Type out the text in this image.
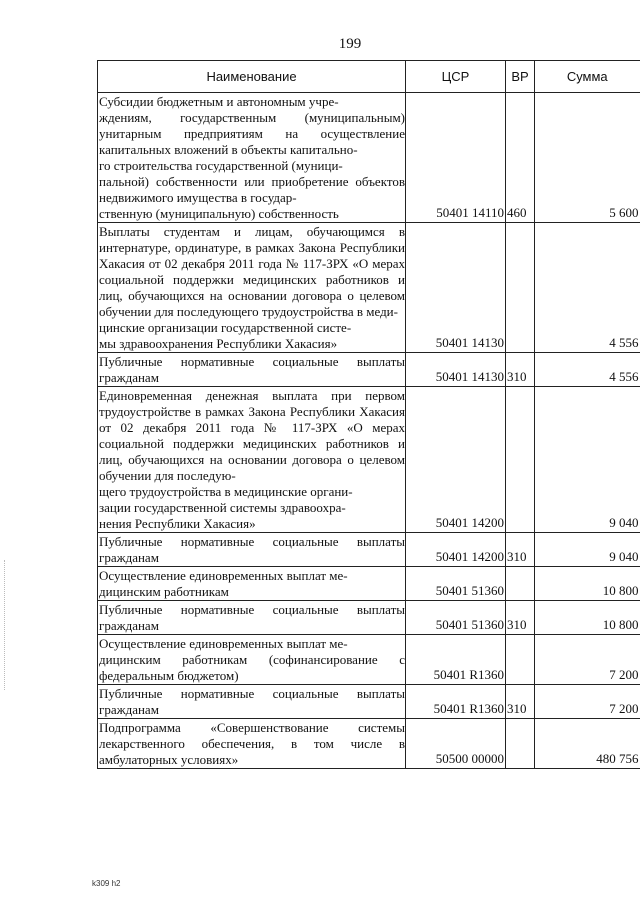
199
Наименование	ЦСР	ВР	Сумма
Субсидии бюджетным и автономным учре-
ждениям, государственным (муниципальным) унитарным предприятиям на осуществление капитальных вложений в объекты капитально-
го строительства государственной (муници-
пальной) собственности или приобретение объектов недвижимого имущества в государ-
ственную (муниципальную) собственность	50401 14110	460	5 600
Выплаты студентам и лицам, обучающимся в интернатуре, ординатуре, в рамках Закона Республики Хакасия от 02 декабря 2011 года № 117-ЗРХ «О мерах социальной поддержки медицинских работников и лиц, обучающихся на основании договора о целевом обучении для последующего трудоустройства в меди-
цинские организации государственной систе-
мы здравоохранения Республики Хакасия»	50401 14130		4 556
Публичные нормативные социальные выплаты гражданам	50401 14130	310	4 556
Единовременная денежная выплата при первом трудоустройстве в рамках Закона Республики Хакасия от 02 декабря 2011 года № 117-ЗРХ «О мерах социальной поддержки медицинских работников и лиц, обучающихся на основании договора о целевом обучении для последую-
щего трудоустройства в медицинские органи-
зации государственной системы здравоохра-
нения Республики Хакасия»	50401 14200		9 040
Публичные нормативные социальные выплаты гражданам	50401 14200	310	9 040
Осуществление единовременных выплат ме-
дицинским работникам	50401 51360		10 800
Публичные нормативные социальные выплаты гражданам	50401 51360	310	10 800
Осуществление единовременных выплат ме-
дицинским работникам (софинансирование с федеральным бюджетом)	50401 R1360		7 200
Публичные нормативные социальные выплаты гражданам	50401 R1360	310	7 200
Подпрограмма «Совершенствование системы лекарственного обеспечения, в том числе в амбулаторных условиях»	50500 00000		480 756
k309 h2
